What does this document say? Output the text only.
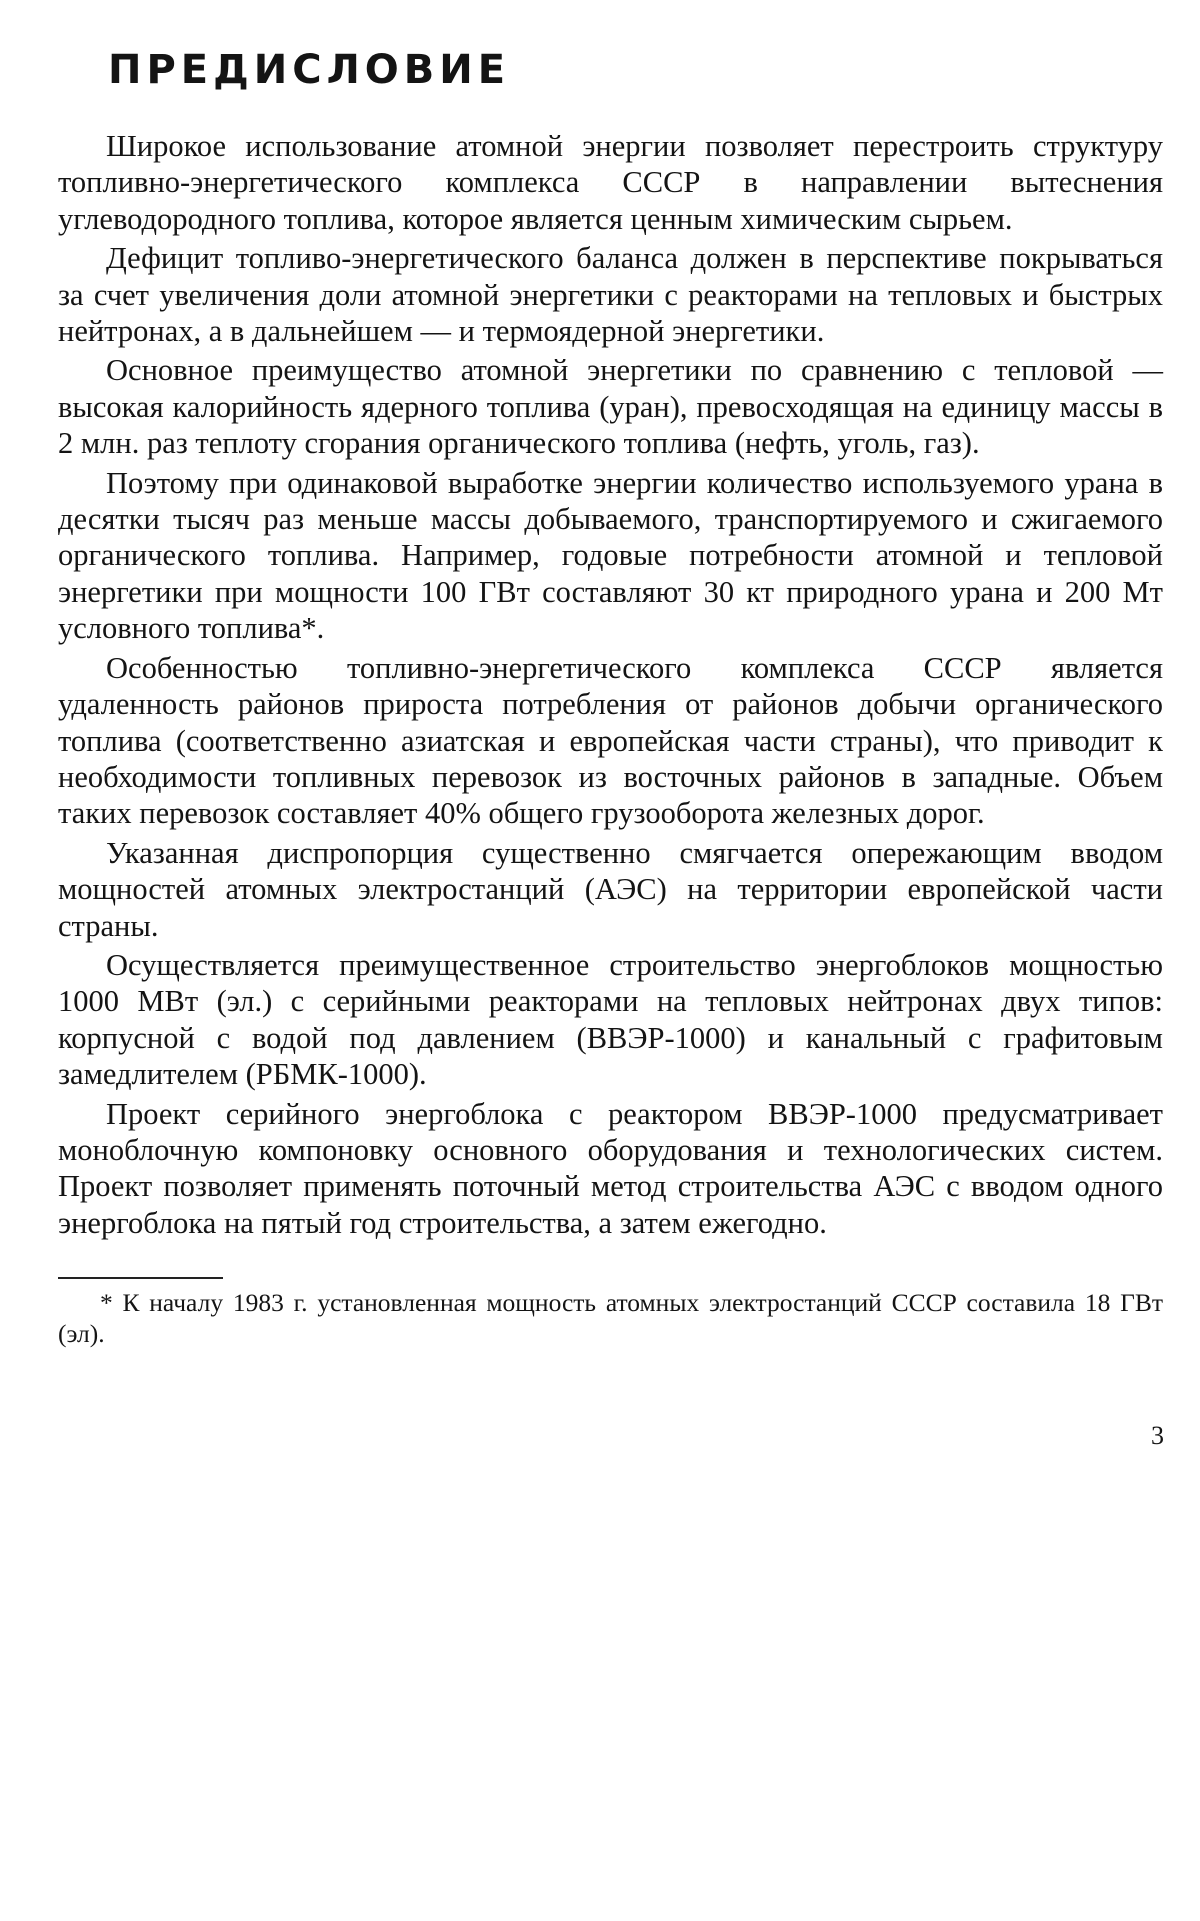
ПРЕДИСЛОВИЕ

Широкое использование атомной энергии позволяет перестроить структуру топливно-энергетического комплекса СССР в направлении вытеснения углеводородного топлива, которое является ценным химическим сырьем.

Дефицит топливо-энергетического баланса должен в перспективе покрываться за счет увеличения доли атомной энергетики с реакторами на тепловых и быстрых нейтронах, а в дальнейшем — и термоядерной энергетики.

Основное преимущество атомной энергетики по сравнению с тепловой — высокая калорийность ядерного топлива (уран), превосходящая на единицу массы в 2 млн. раз теплоту сгорания органического топлива (нефть, уголь, газ).

Поэтому при одинаковой выработке энергии количество используемого урана в десятки тысяч раз меньше массы добываемого, транспортируемого и сжигаемого органического топлива. Например, годовые потребности атомной и тепловой энергетики при мощности 100 ГВт составляют 30 кт природного урана и 200 Мт условного топлива*.

Особенностью топливно-энергетического комплекса СССР является удаленность районов прироста потребления от районов добычи органического топлива (соответственно азиатская и европейская части страны), что приводит к необходимости топливных перевозок из восточных районов в западные. Объем таких перевозок составляет 40% общего грузооборота железных дорог.

Указанная диспропорция существенно смягчается опережающим вводом мощностей атомных электростанций (АЭС) на территории европейской части страны.

Осуществляется преимущественное строительство энергоблоков мощностью 1000 МВт (эл.) с серийными реакторами на тепловых нейтронах двух типов: корпусной с водой под давлением (ВВЭР-1000) и канальный с графитовым замедлителем (РБМК-1000).

Проект серийного энергоблока с реактором ВВЭР-1000 предусматривает моноблочную компоновку основного оборудования и технологических систем. Проект позволяет применять поточный метод строительства АЭС с вводом одного энергоблока на пятый год строительства, а затем ежегодно.

* К началу 1983 г. установленная мощность атомных электростанций СССР составила 18 ГВт (эл).

3
